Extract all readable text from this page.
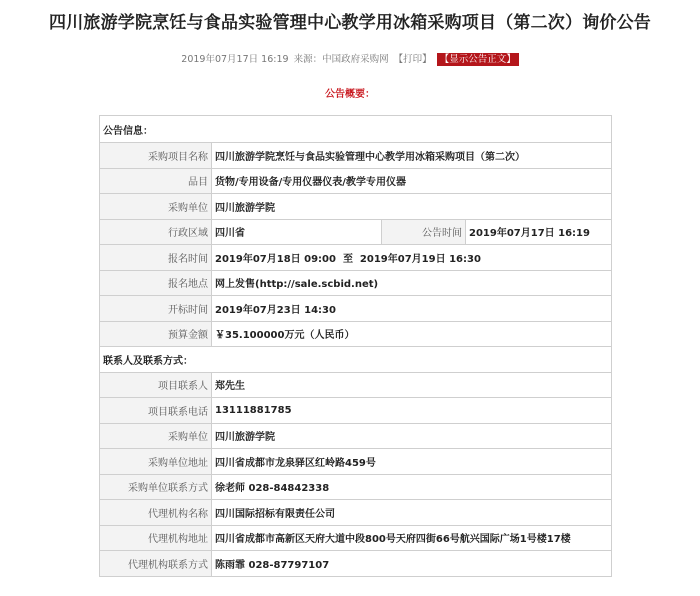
四川旅游学院烹饪与食品实验管理中心教学用冰箱采购项目（第二次）询价公告
2019年07月17日 16:19 来源：中国政府采购网 【打印】 【显示公告正文】
公告概要：
公告信息：			
采购项目名称	四川旅游学院烹饪与食品实验管理中心教学用冰箱采购项目（第二次）		
品目	货物/专用设备/专用仪器仪表/教学专用仪器		
采购单位	四川旅游学院		
行政区域	四川省	公告时间	2019年07月17日 16:19
报名时间	2019年07月18日 09:00 至 2019年07月19日 16:30		
报名地点	网上发售(http://sale.scbid.net)		
开标时间	2019年07月23日 14:30		
预算金额	￥35.100000万元（人民币）		
联系人及联系方式：			
项目联系人	郑先生		
项目联系电话	13111881785		
采购单位	四川旅游学院		
采购单位地址	四川省成都市龙泉驿区红岭路459号		
采购单位联系方式	徐老师 028-84842338		
代理机构名称	四川国际招标有限责任公司		
代理机构地址	四川省成都市高新区天府大道中段800号天府四街66号航兴国际广场1号楼17楼		
代理机构联系方式	陈雨霏 028-87797107		
